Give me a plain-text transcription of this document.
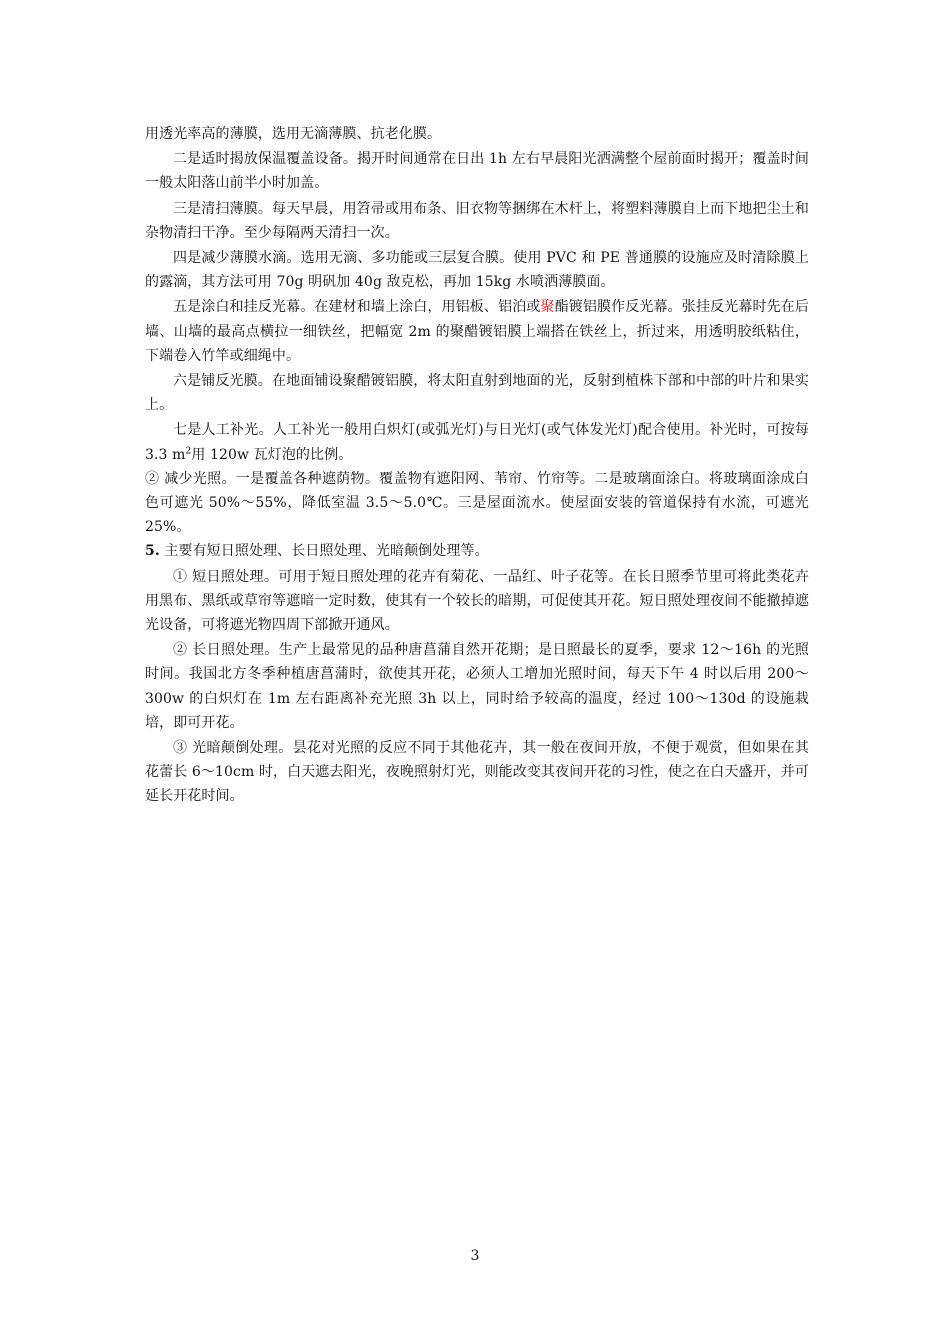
用透光率高的薄膜，选用无滴薄膜、抗老化膜。

二是适时揭放保温覆盖设备。揭开时间通常在日出 1h 左右早晨阳光洒满整个屋前面时揭开；覆盖时间一般太阳落山前半小时加盖。

三是清扫薄膜。每天早晨，用笤帚或用布条、旧衣物等捆绑在木杆上，将塑料薄膜自上而下地把尘土和杂物清扫干净。至少每隔两天清扫一次。

四是减少薄膜水滴。选用无滴、多功能或三层复合膜。使用 PVC 和 PE 普通膜的设施应及时清除膜上的露滴，其方法可用 70g 明矾加 40g 敌克松，再加 15kg 水喷洒薄膜面。

五是涂白和挂反光幕。在建材和墙上涂白，用铝板、铝泊或聚酯镀铝膜作反光幕。张挂反光幕时先在后墙、山墙的最高点横拉一细铁丝，把幅宽 2m 的聚醋镀铝膜上端搭在铁丝上，折过来，用透明胶纸粘住，下端卷入竹竿或细绳中。

六是铺反光膜。在地面铺设聚醋镀铝膜，将太阳直射到地面的光，反射到植株下部和中部的叶片和果实上。

七是人工补光。人工补光一般用白炽灯(或弧光灯)与日光灯(或气体发光灯)配合使用。补光时，可按每 3.3 $m^2$用 120w 瓦灯泡的比例。

② 减少光照。一是覆盖各种遮荫物。覆盖物有遮阳网、苇帘、竹帘等。二是玻璃面涂白。将玻璃面涂成白色可遮光 50%～55%，降低室温 3.5～5.0℃。三是屋面流水。使屋面安装的管道保持有水流，可遮光 25%。

5. 主要有短日照处理、长日照处理、光暗颠倒处理等。

① 短日照处理。可用于短日照处理的花卉有菊花、一品红、叶子花等。在长日照季节里可将此类花卉用黑布、黑纸或草帘等遮暗一定时数，使其有一个较长的暗期，可促使其开花。短日照处理夜间不能撤掉遮光设备，可将遮光物四周下部掀开通风。

② 长日照处理。生产上最常见的品种唐菖蒲自然开花期；是日照最长的夏季，要求 12～16h 的光照时间。我国北方冬季种植唐菖蒲时，欲使其开花，必须人工增加光照时间，每天下午 4 时以后用 200～300w 的白炽灯在 1m 左右距离补充光照 3h 以上，同时给予较高的温度，经过 100～130d 的设施栽培，即可开花。

③ 光暗颠倒处理。昙花对光照的反应不同于其他花卉，其一般在夜间开放，不便于观赏，但如果在其花蕾长 6～10cm 时，白天遮去阳光，夜晚照射灯光，则能改变其夜间开花的习性，使之在白天盛开，并可延长开花时间。

3
